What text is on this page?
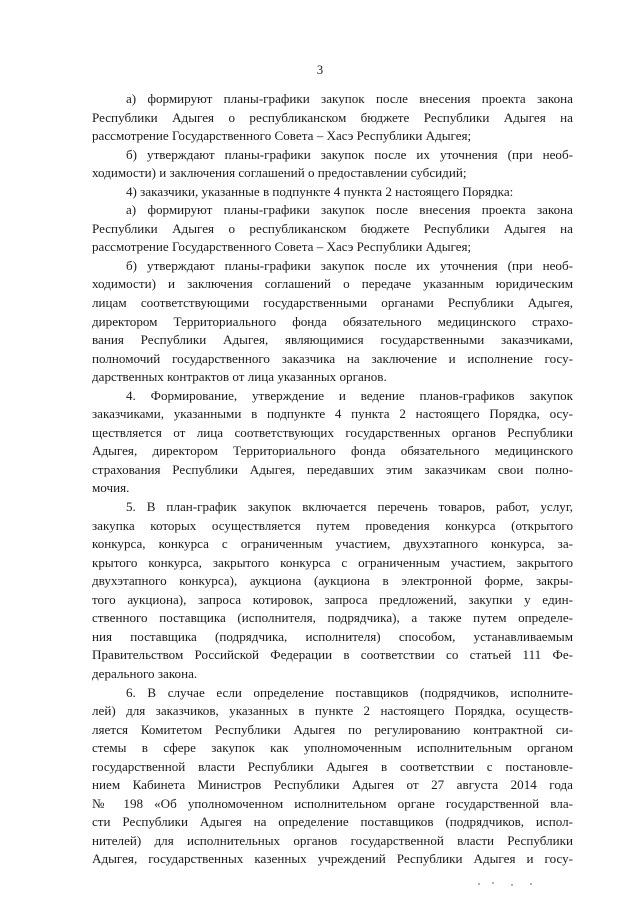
3
а) формируют планы-графики закупок после внесения проекта закона
Республики Адыгея о республиканском бюджете Республики Адыгея на
рассмотрение Государственного Совета – Хасэ Республики Адыгея;
б) утверждают планы-графики закупок после их уточнения (при необ-
ходимости) и заключения соглашений о предоставлении субсидий;
4) заказчики, указанные в подпункте 4 пункта 2 настоящего Порядка:
а) формируют планы-графики закупок после внесения проекта закона
Республики Адыгея о республиканском бюджете Республики Адыгея на
рассмотрение Государственного Совета – Хасэ Республики Адыгея;
б) утверждают планы-графики закупок после их уточнения (при необ-
ходимости) и заключения соглашений о передаче указанным юридическим
лицам соответствующими государственными органами Республики Адыгея,
директором Территориального фонда обязательного медицинского страхо-
вания Республики Адыгея, являющимися государственными заказчиками,
полномочий государственного заказчика на заключение и исполнение госу-
дарственных контрактов от лица указанных органов.
4. Формирование, утверждение и ведение планов-графиков закупок
заказчиками, указанными в подпункте 4 пункта 2 настоящего Порядка, осу-
ществляется от лица соответствующих государственных органов Республики
Адыгея, директором Территориального фонда обязательного медицинского
страхования Республики Адыгея, передавших этим заказчикам свои полно-
мочия.
5. В план-график закупок включается перечень товаров, работ, услуг,
закупка которых осуществляется путем проведения конкурса (открытого
конкурса, конкурса с ограниченным участием, двухэтапного конкурса, за-
крытого конкурса, закрытого конкурса с ограниченным участием, закрытого
двухэтапного конкурса), аукциона (аукциона в электронной форме, закры-
того аукциона), запроса котировок, запроса предложений, закупки у един-
ственного поставщика (исполнителя, подрядчика), а также путем определе-
ния поставщика (подрядчика, исполнителя) способом, устанавливаемым
Правительством Российской Федерации в соответствии со статьей 111 Фе-
дерального закона.
6. В случае если определение поставщиков (подрядчиков, исполните-
лей) для заказчиков, указанных в пункте 2 настоящего Порядка, осуществ-
ляется Комитетом Республики Адыгея по регулированию контрактной си-
стемы в сфере закупок как уполномоченным исполнительным органом
государственной власти Республики Адыгея в соответствии с постановле-
нием Кабинета Министров Республики Адыгея от 27 августа 2014 года
№ 198 «Об уполномоченном исполнительном органе государственной вла-
сти Республики Адыгея на определение поставщиков (подрядчиков, испол-
нителей) для исполнительных органов государственной власти Республики
Адыгея, государственных казенных учреждений Республики Адыгея и госу-
